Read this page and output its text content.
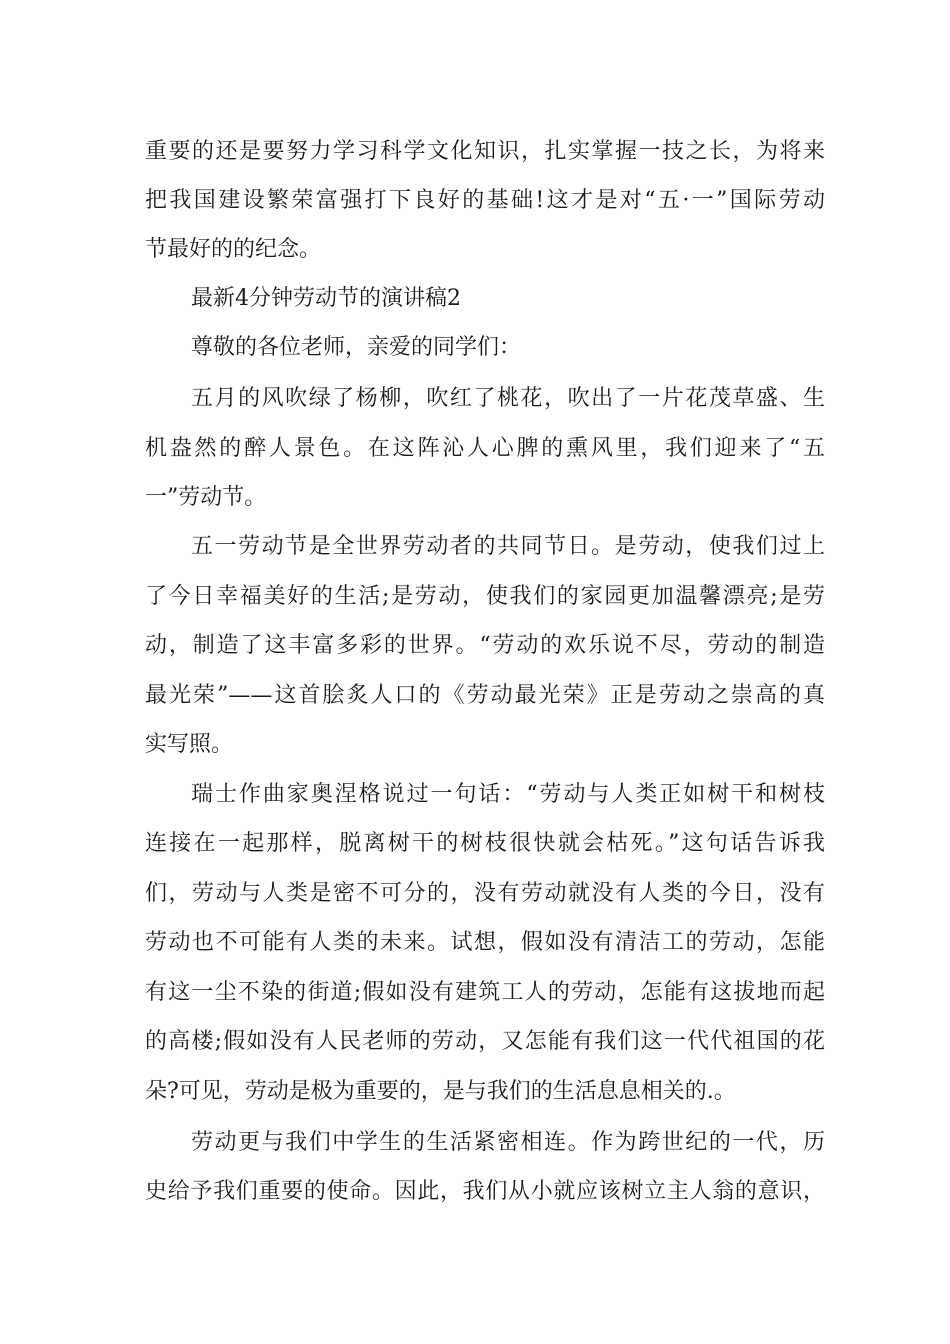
重要的还是要努力学习科学文化知识，扎实掌握一技之长，为将来
把我国建设繁荣富强打下良好的基础!这才是对“五·一”国际劳动
节最好的的纪念。
最新4分钟劳动节的演讲稿2
尊敬的各位老师，亲爱的同学们：
五月的风吹绿了杨柳，吹红了桃花，吹出了一片花茂草盛、生
机盎然的醉人景色。在这阵沁人心脾的熏风里，我们迎来了“五
一”劳动节。
五一劳动节是全世界劳动者的共同节日。是劳动，使我们过上
了今日幸福美好的生活;是劳动，使我们的家园更加温馨漂亮;是劳
动，制造了这丰富多彩的世界。“劳动的欢乐说不尽，劳动的制造
最光荣”——这首脍炙人口的《劳动最光荣》正是劳动之崇高的真
实写照。
瑞士作曲家奥涅格说过一句话：“劳动与人类正如树干和树枝
连接在一起那样，脱离树干的树枝很快就会枯死。”这句话告诉我
们，劳动与人类是密不可分的，没有劳动就没有人类的今日，没有
劳动也不可能有人类的未来。试想，假如没有清洁工的劳动，怎能
有这一尘不染的街道;假如没有建筑工人的劳动，怎能有这拔地而起
的高楼;假如没有人民老师的劳动，又怎能有我们这一代代祖国的花
朵?可见，劳动是极为重要的，是与我们的生活息息相关的.。
劳动更与我们中学生的生活紧密相连。作为跨世纪的一代，历
史给予我们重要的使命。因此，我们从小就应该树立主人翁的意识，
